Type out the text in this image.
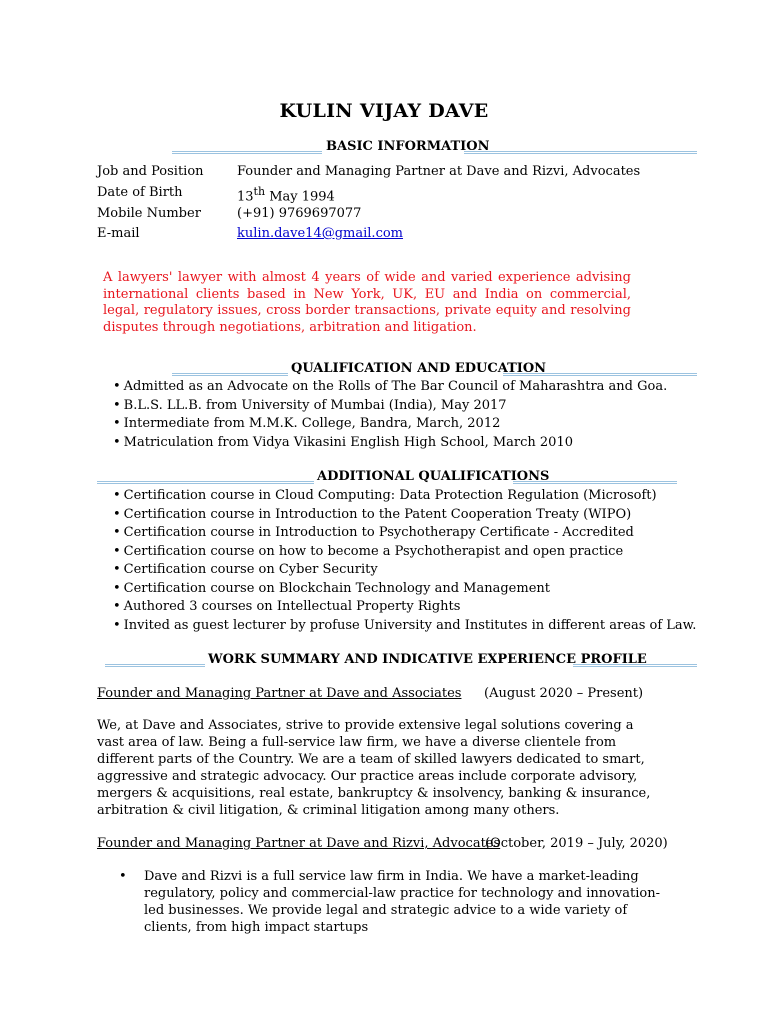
KULIN VIJAY DAVE
BASIC INFORMATION
Job and Position	Founder and Managing Partner at Dave and Rizvi, Advocates
Date of Birth	13th May 1994
Mobile Number	(+91) 9769697077
E-mail	kulin.dave14@gmail.com
A lawyers' lawyer with almost 4 years of wide and varied experience advising international clients based in New York, UK, EU and India on commercial, legal, regulatory issues, cross border transactions, private equity and resolving disputes through negotiations, arbitration and litigation.
QUALIFICATION AND EDUCATION
• Admitted as an Advocate on the Rolls of The Bar Council of Maharashtra and Goa.
• B.L.S. LL.B. from University of Mumbai (India), May 2017
• Intermediate from M.M.K. College, Bandra, March, 2012
• Matriculation from Vidya Vikasini English High School, March 2010
ADDITIONAL QUALIFICATIONS
• Certification course in Cloud Computing: Data Protection Regulation (Microsoft)
• Certification course in Introduction to the Patent Cooperation Treaty (WIPO)
• Certification course in Introduction to Psychotherapy Certificate - Accredited
• Certification course on how to become a Psychotherapist and open practice
• Certification course on Cyber Security
• Certification course on Blockchain Technology and Management
• Authored 3 courses on Intellectual Property Rights
• Invited as guest lecturer by profuse University and Institutes in different areas of Law.
WORK SUMMARY AND INDICATIVE EXPERIENCE PROFILE
Founder and Managing Partner at Dave and Associates (August 2020 – Present)
We, at Dave and Associates, strive to provide extensive legal solutions covering a vast area of law. Being a full-service law firm, we have a diverse clientele from different parts of the Country. We are a team of skilled lawyers dedicated to smart, aggressive and strategic advocacy. Our practice areas include corporate advisory, mergers & acquisitions, real estate, bankruptcy & insolvency, banking & insurance, arbitration & civil litigation, & criminal litigation among many others.
Founder and Managing Partner at Dave and Rizvi, Advocates
(October, 2019 – July, 2020)
• Dave and Rizvi is a full service law firm in India. We have a market-leading regulatory, policy and commercial-law practice for technology and innovation-led businesses. We provide legal and strategic advice to a wide variety of clients, from high impact startups
